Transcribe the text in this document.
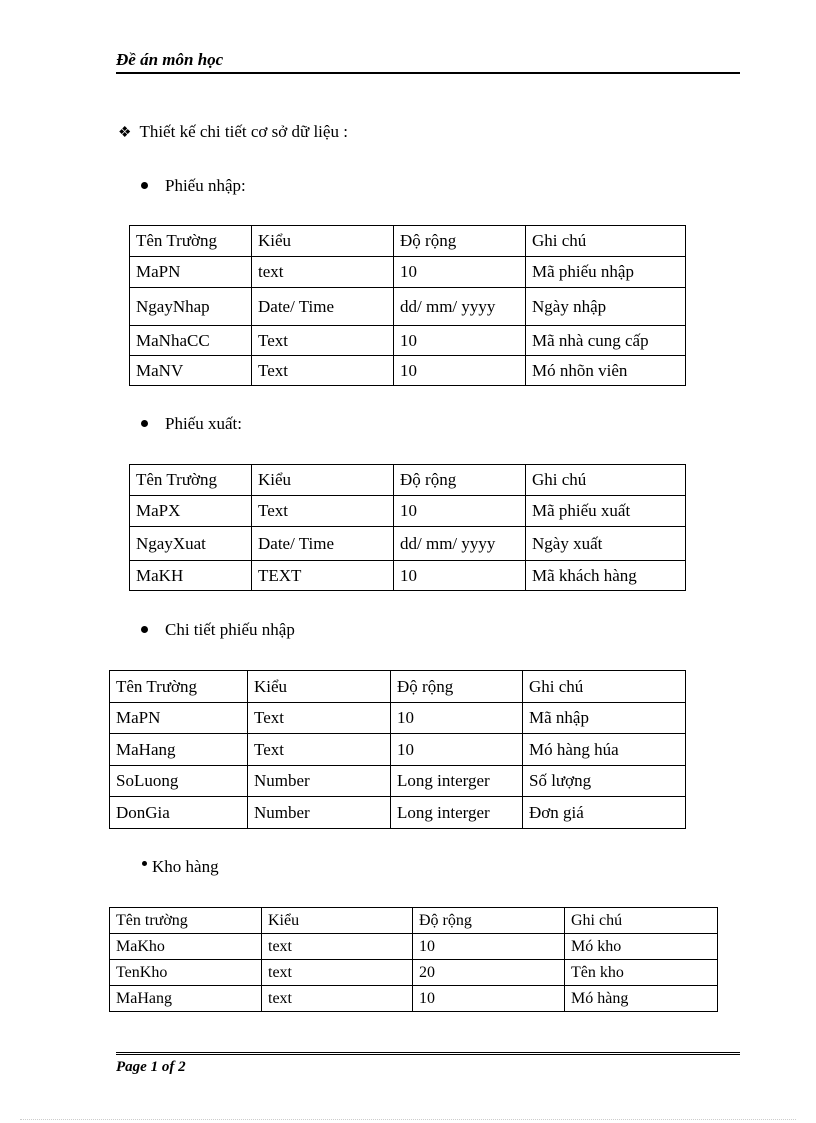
Đề án môn học
❖ Thiết kế chi tiết cơ sở dữ liệu :
Phiếu nhập:
Tên Trường	Kiểu	Độ rộng	Ghi chú
MaPN	text	10	Mã phiếu nhập
NgayNhap	Date/ Time	dd/ mm/ yyyy	Ngày nhập
MaNhaCC	Text	10	Mã nhà cung cấp
MaNV	Text	10	Mó nhõn viên
Phiếu xuất:
Tên Trường	Kiểu	Độ rộng	Ghi chú
MaPX	Text	10	Mã phiếu xuất
NgayXuat	Date/ Time	dd/ mm/ yyyy	Ngày xuất
MaKH	TEXT	10	Mã khách hàng
Chi tiết phiếu nhập
Tên Trường	Kiểu	Độ rộng	Ghi chú
MaPN	Text	10	Mã nhập
MaHang	Text	10	Mó hàng húa
SoLuong	Number	Long interger	Số lượng
DonGia	Number	Long interger	Đơn giá
Kho hàng
Tên trường	Kiểu	Độ rộng	Ghi chú
MaKho	text	10	Mó kho
TenKho	text	20	Tên kho
MaHang	text	10	Mó hàng
Page 1 of 2
